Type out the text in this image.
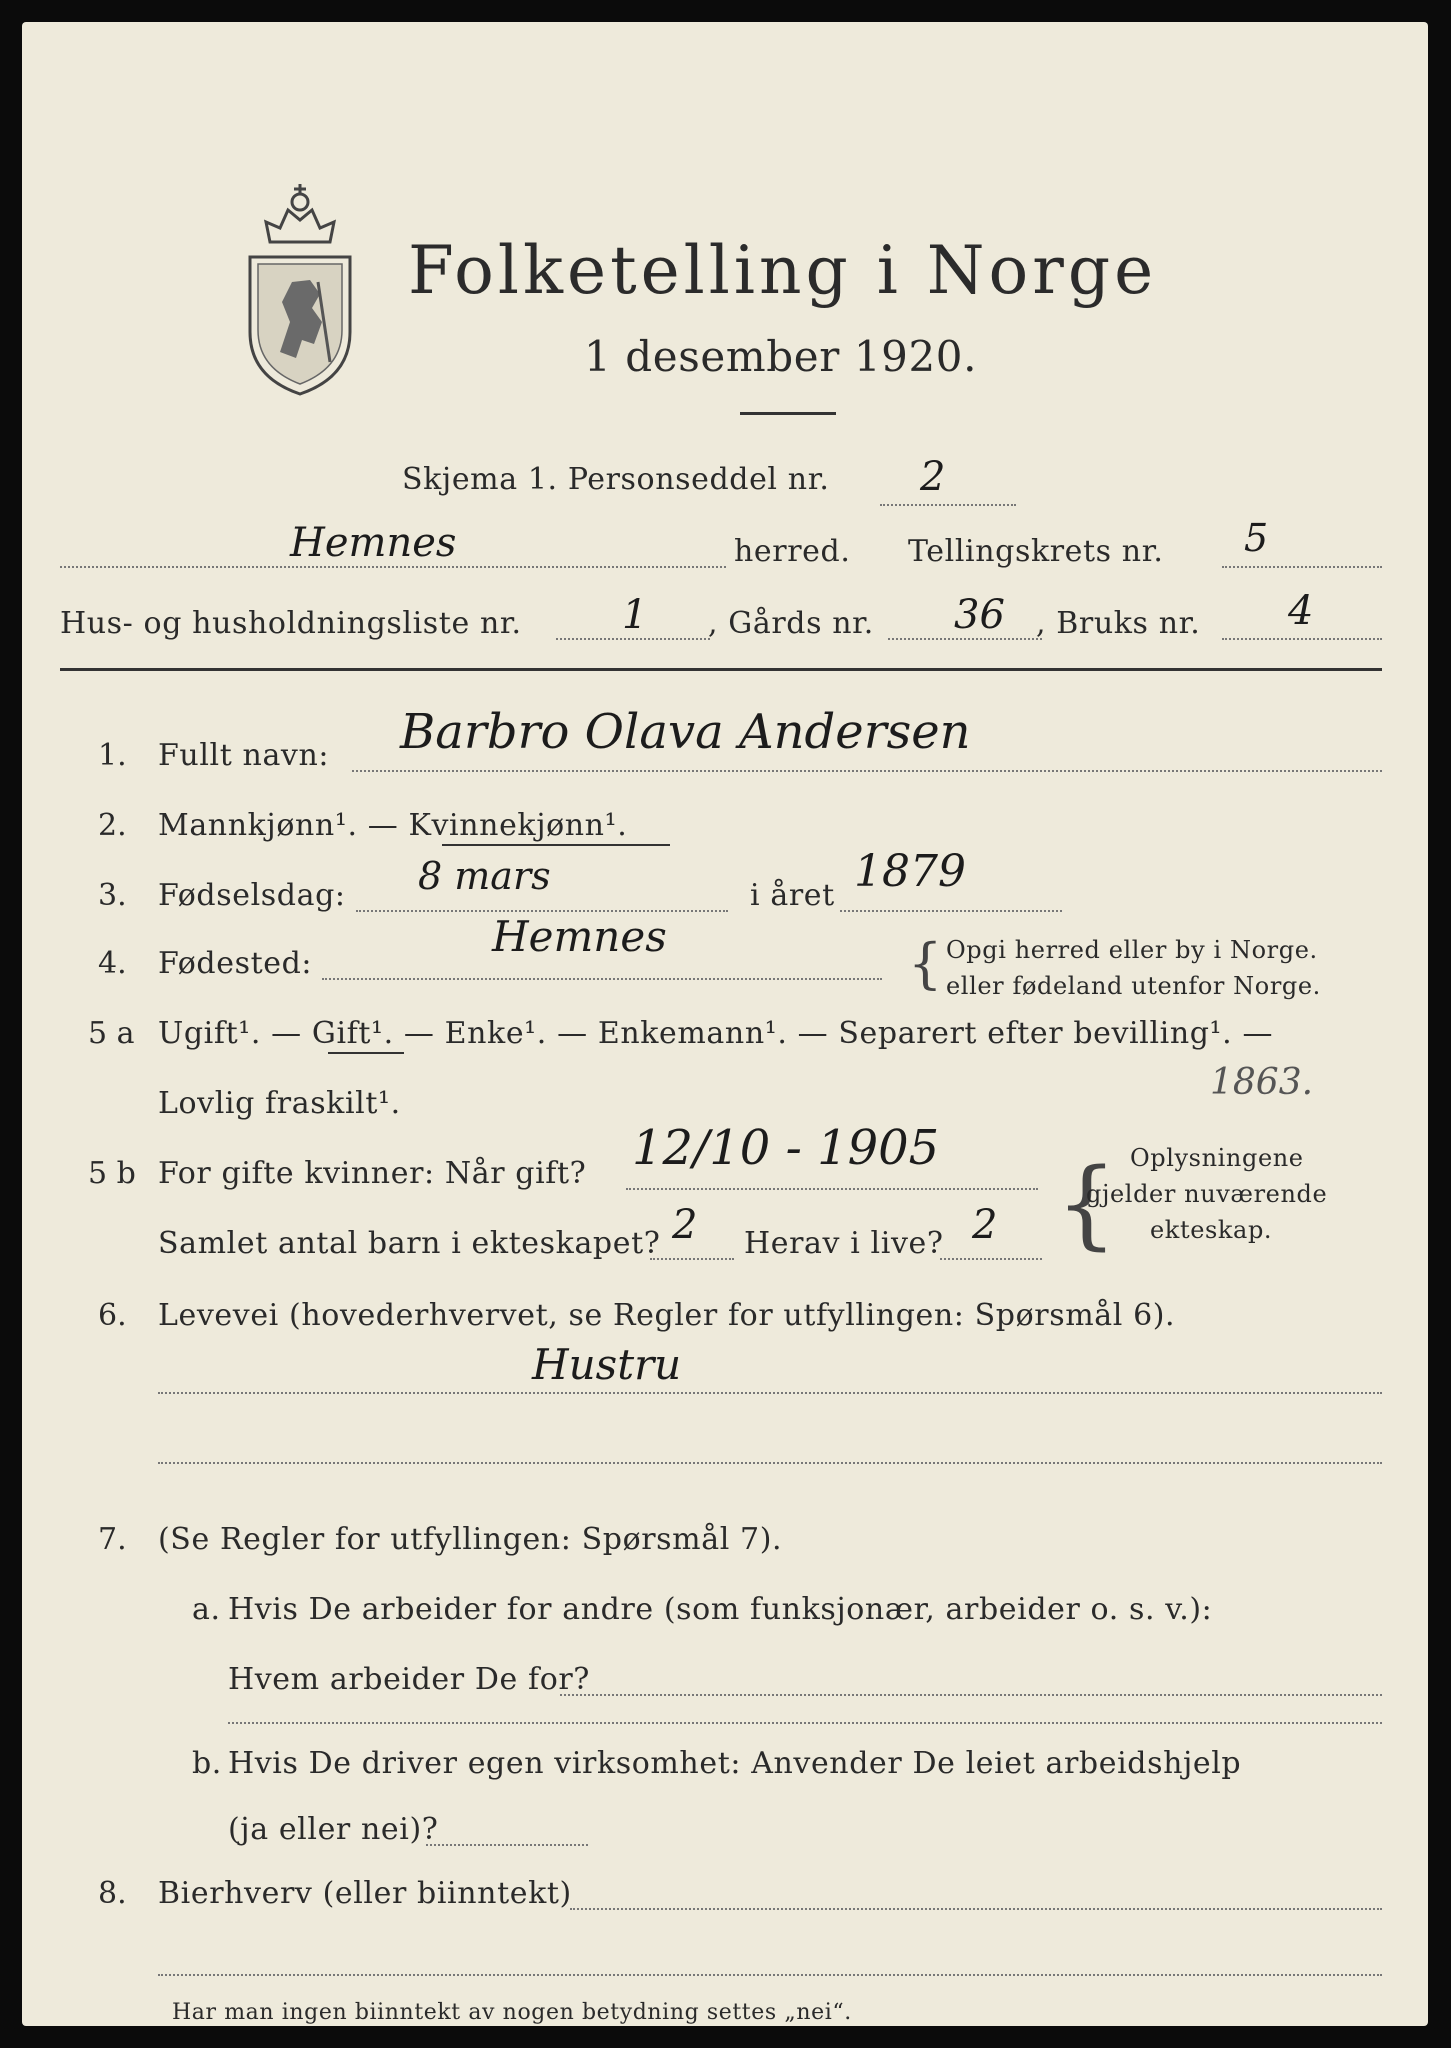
Folketelling i Norge
1 desember 1920.
Skjema 1. Personseddel nr. 2
Hemnes	herred. Tellingskrets nr. 5
Hus- og husholdningsliste nr.	1 , Gårds nr. 36 , Bruks nr. 4
1. Fullt navn: Barbro Olava Andersen
2. Mannkjønn¹. — Kvinnekjønn¹.
3. Fødselsdag: 8 mars	i året 1879
4. Fødested:
Hemnes	{ Opgi herred eller by i Norge.
eller fødeland utenfor Norge.
5 a Ugift¹. — Gift¹. — Enke¹. — Enkemann¹. — Separert efter bevilling¹. —
Lovlig fraskilt¹.
1863.
5 b For gifte kvinner: Når gift? 12/10 - 1905
Samlet antal barn i ekteskapet? 2 Herav i live? 2 { Oplysningene
gjelder nuværende
ekteskap.
6. Levevei (hovederhvervet, se Regler for utfyllingen: Spørsmål 6).
Hustru
7. (Se Regler for utfyllingen: Spørsmål 7).
a. Hvis De arbeider for andre (som funksjonær, arbeider o. s. v.):
Hvem arbeider De for?
b. Hvis De driver egen virksomhet: Anvender De leiet arbeidshjelp
(ja eller nei)?
8. Bierhverv (eller biinntekt)
Har man ingen biinntekt av nogen betydning settes „nei“.
